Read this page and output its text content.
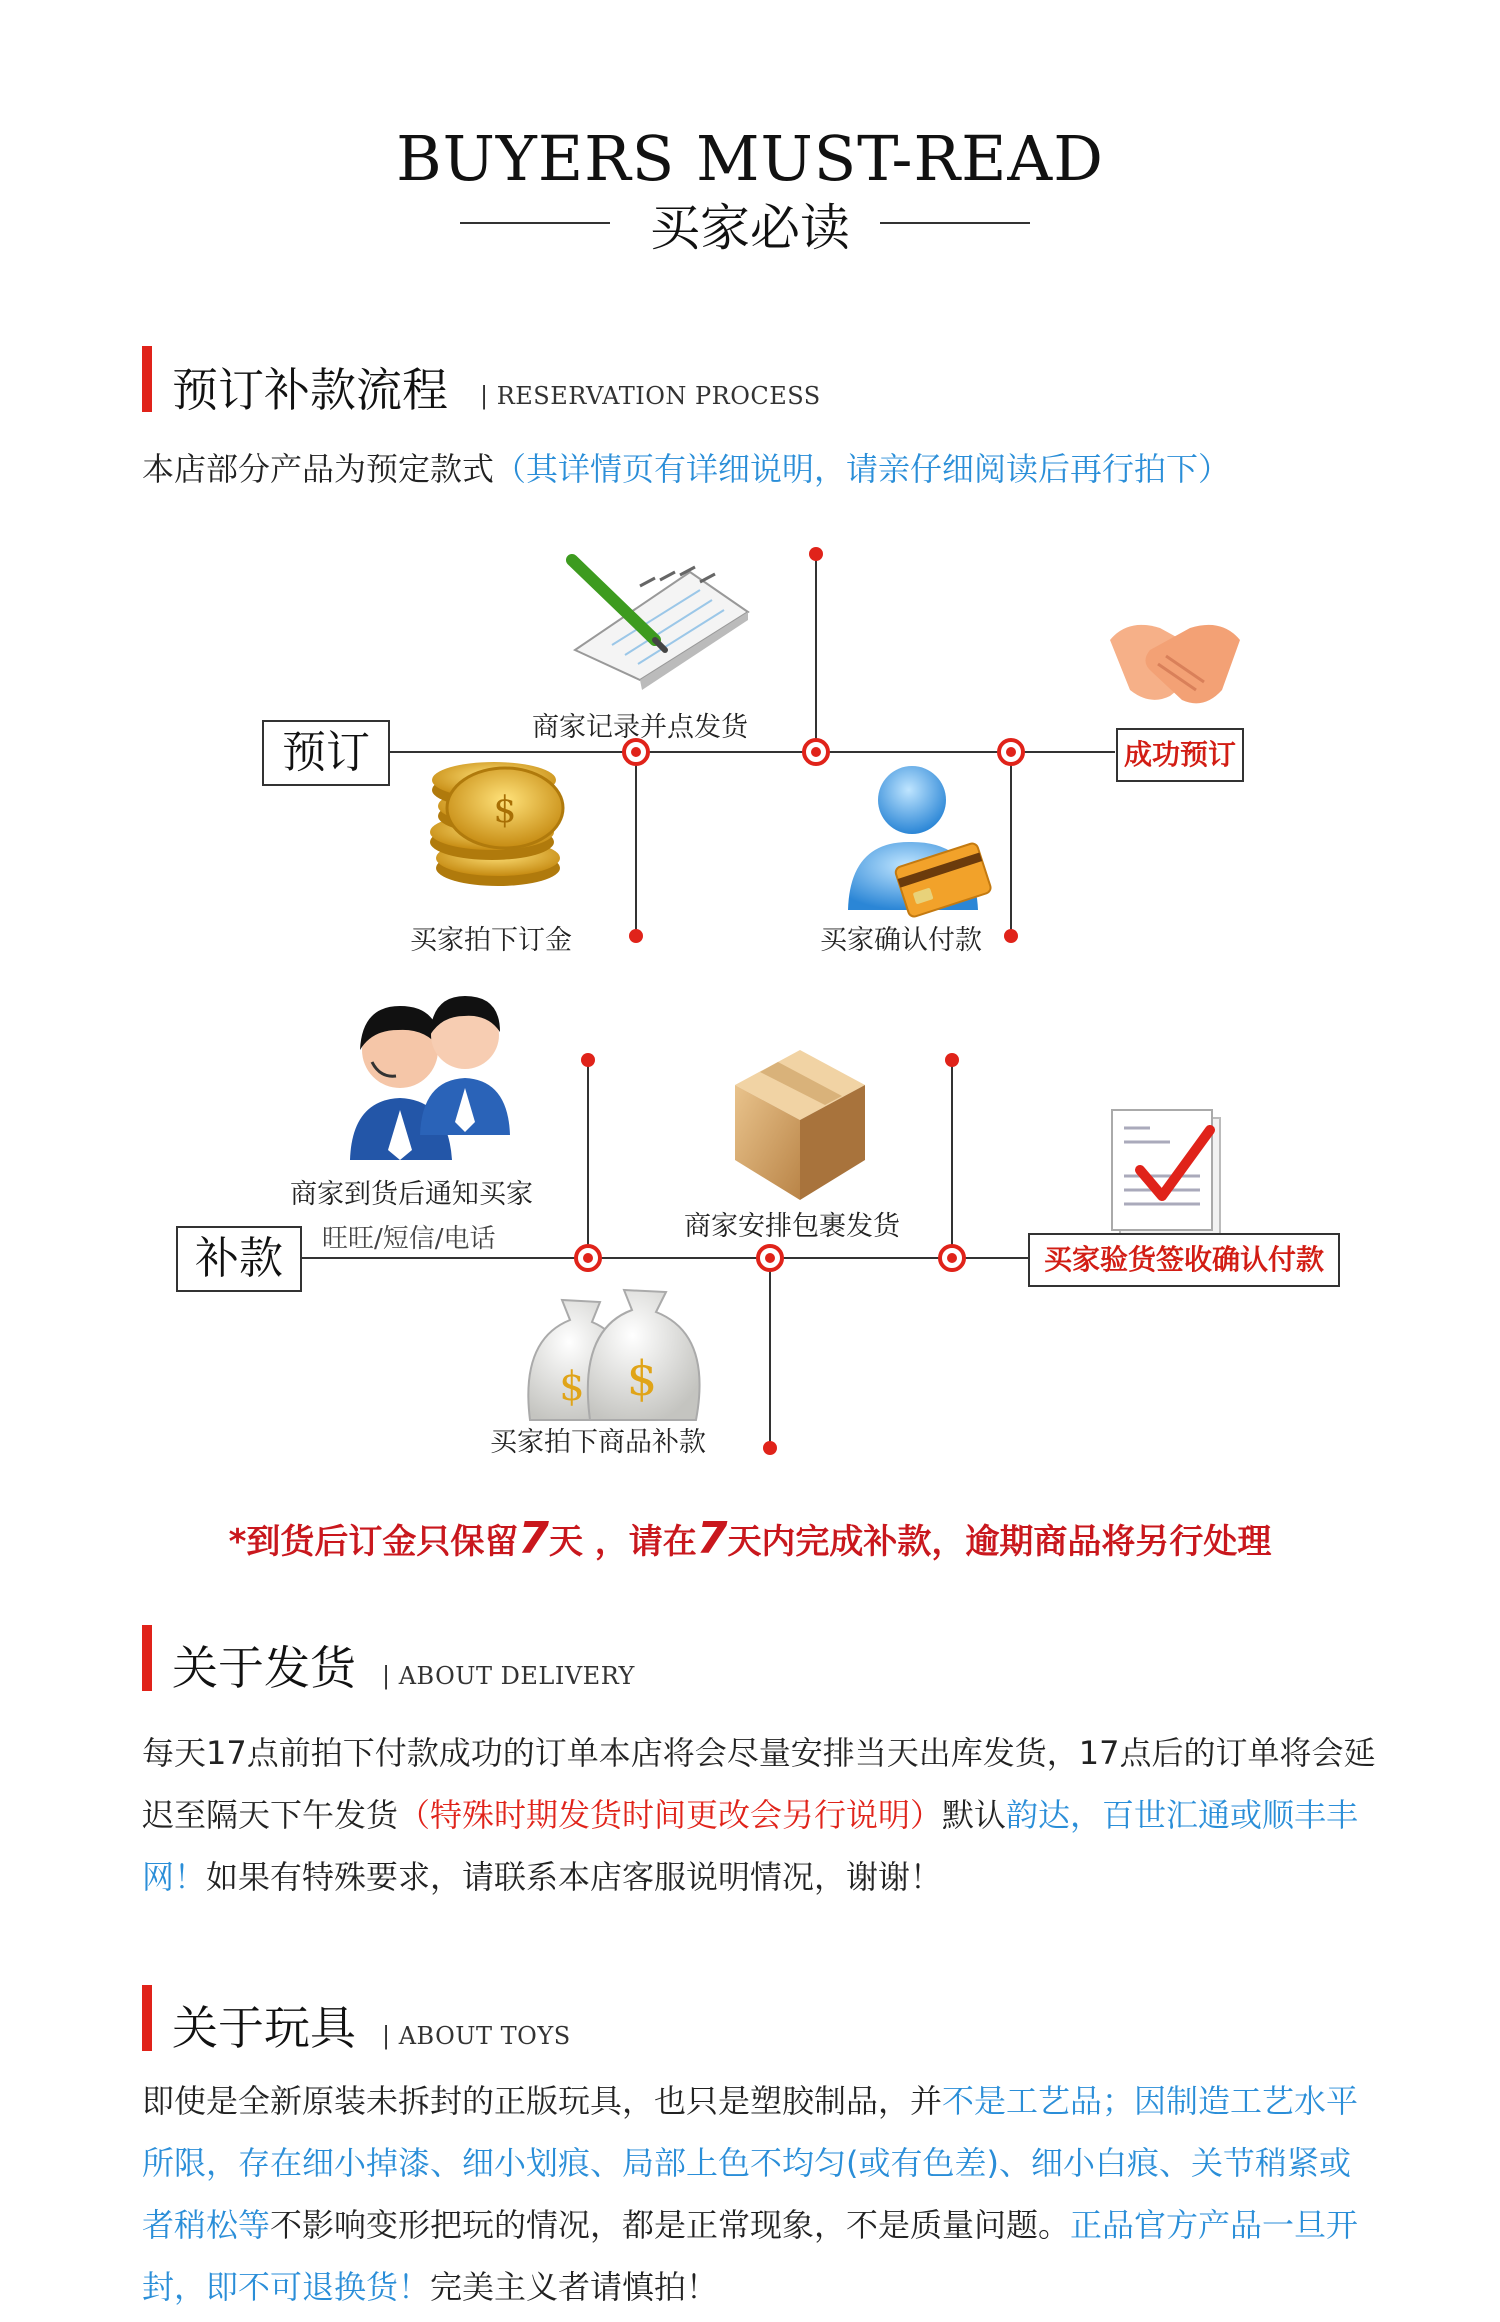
BUYERS MUST-READ
买家必读
预订补款流程 | RESERVATION PROCESS
本店部分产品为预定款式（其详情页有详细说明，请亲仔细阅读后再行拍下）
$
$ $
预订	商家记录并点发货
买家拍下订金	买家确认付款
成功预订
补款
商家到货后通知买家
旺旺/短信/电话	商家安排包裹发货
买家拍下商品补款
买家验货签收确认付款
*到货后订金只保留7天 ，请在7天内完成补款，逾期商品将另行处理
关于发货 | ABOUT DELIVERY
每天17点前拍下付款成功的订单本店将会尽量安排当天出库发货，17点后的订单将会延迟至隔天下午发货（特殊时期发货时间更改会另行说明）默认韵达，百世汇通或顺丰丰网！如果有特殊要求，请联系本店客服说明情况，谢谢！
关于玩具 | ABOUT TOYS
即使是全新原装未拆封的正版玩具，也只是塑胶制品，并不是工艺品；因制造工艺水平所限，存在细小掉漆、细小划痕、局部上色不均匀(或有色差)、细小白痕、关节稍紧或者稍松等不影响变形把玩的情况，都是正常现象，不是质量问题。正品官方产品一旦开封，即不可退换货！完美主义者请慎拍！
